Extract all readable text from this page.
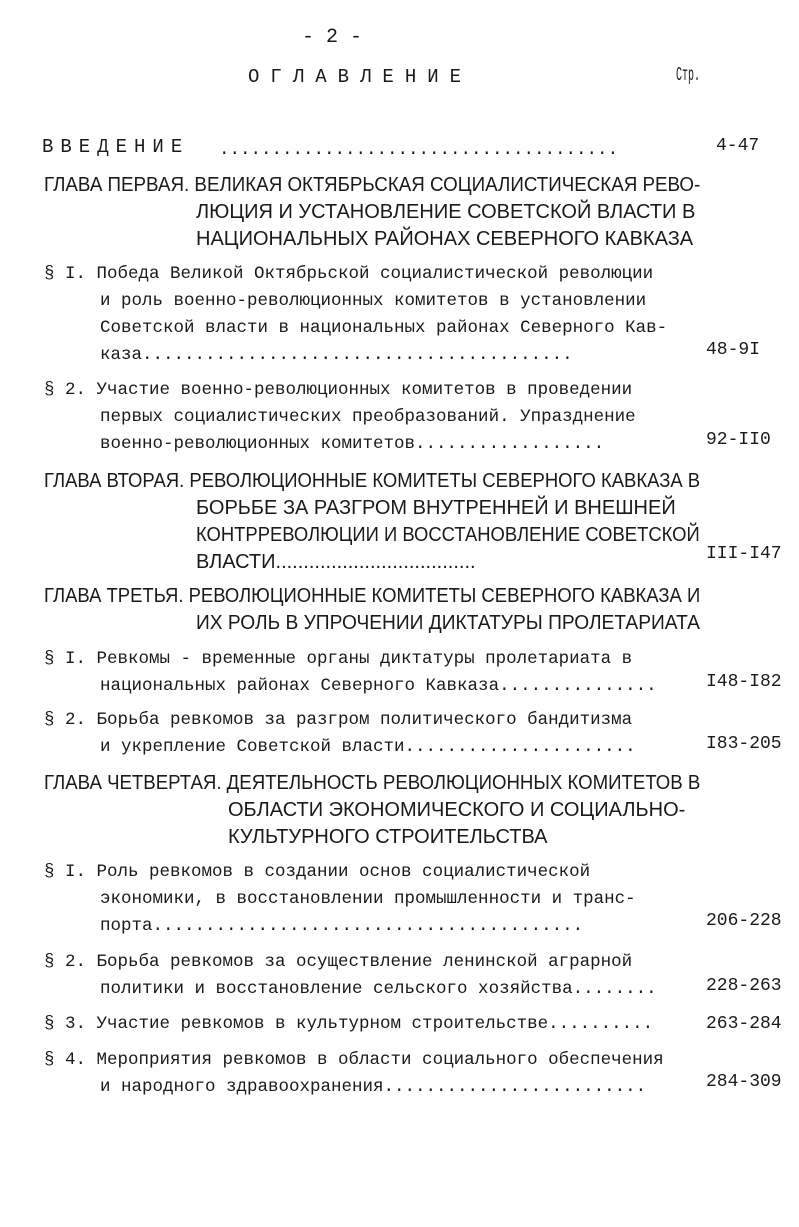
- 2 -
ОГЛАВЛЕНИЕ	Стр.
ВВЕДЕНИЕ ......................................	4-47
ГЛАВА ПЕРВАЯ. ВЕЛИКАЯ ОКТЯБРЬСКАЯ СОЦИАЛИСТИЧЕСКАЯ РЕВО-
ЛЮЦИЯ И УСТАНОВЛЕНИЕ СОВЕТСКОЙ ВЛАСТИ В
НАЦИОНАЛЬНЫХ РАЙОНАХ СЕВЕРНОГО КАВКАЗА
§ I. Победа Великой Октябрьской социалистической революции
и роль военно-революционных комитетов в установлении
Советской власти в национальных районах Северного Кав-
каза.........................................	48-9I
§ 2. Участие военно-революционных комитетов в проведении
первых социалистических преобразований. Упразднение
военно-революционных комитетов..................	92-II0
ГЛАВА ВТОРАЯ. РЕВОЛЮЦИОННЫЕ КОМИТЕТЫ СЕВЕРНОГО КАВКАЗА В
БОРЬБЕ ЗА РАЗГРОМ ВНУТРЕННЕЙ И ВНЕШНЕЙ
КОНТРРЕВОЛЮЦИИ И ВОССТАНОВЛЕНИЕ СОВЕТСКОЙ
ВЛАСТИ....................................	III-I47
ГЛАВА ТРЕТЬЯ. РЕВОЛЮЦИОННЫЕ КОМИТЕТЫ СЕВЕРНОГО КАВКАЗА И
ИХ РОЛЬ В УПРОЧЕНИИ ДИКТАТУРЫ ПРОЛЕТАРИАТА
§ I. Ревкомы - временные органы диктатуры пролетариата в
национальных районах Северного Кавказа...............	I48-I82
§ 2. Борьба ревкомов за разгром политического бандитизма
и укрепление Советской власти......................	I83-205
ГЛАВА ЧЕТВЕРТАЯ. ДЕЯТЕЛЬНОСТЬ РЕВОЛЮЦИОННЫХ КОМИТЕТОВ В
ОБЛАСТИ ЭКОНОМИЧЕСКОГО И СОЦИАЛЬНО-
КУЛЬТУРНОГО СТРОИТЕЛЬСТВА
§ I. Роль ревкомов в создании основ социалистической
экономики, в восстановлении промышленности и транс-
порта.........................................	206-228
§ 2. Борьба ревкомов за осуществление ленинской аграрной
политики и восстановление сельского хозяйства........	228-263
§ 3. Участие ревкомов в культурном строительстве..........	263-284
§ 4. Мероприятия ревкомов в области социального обеспечения
и народного здравоохранения.........................	284-309
